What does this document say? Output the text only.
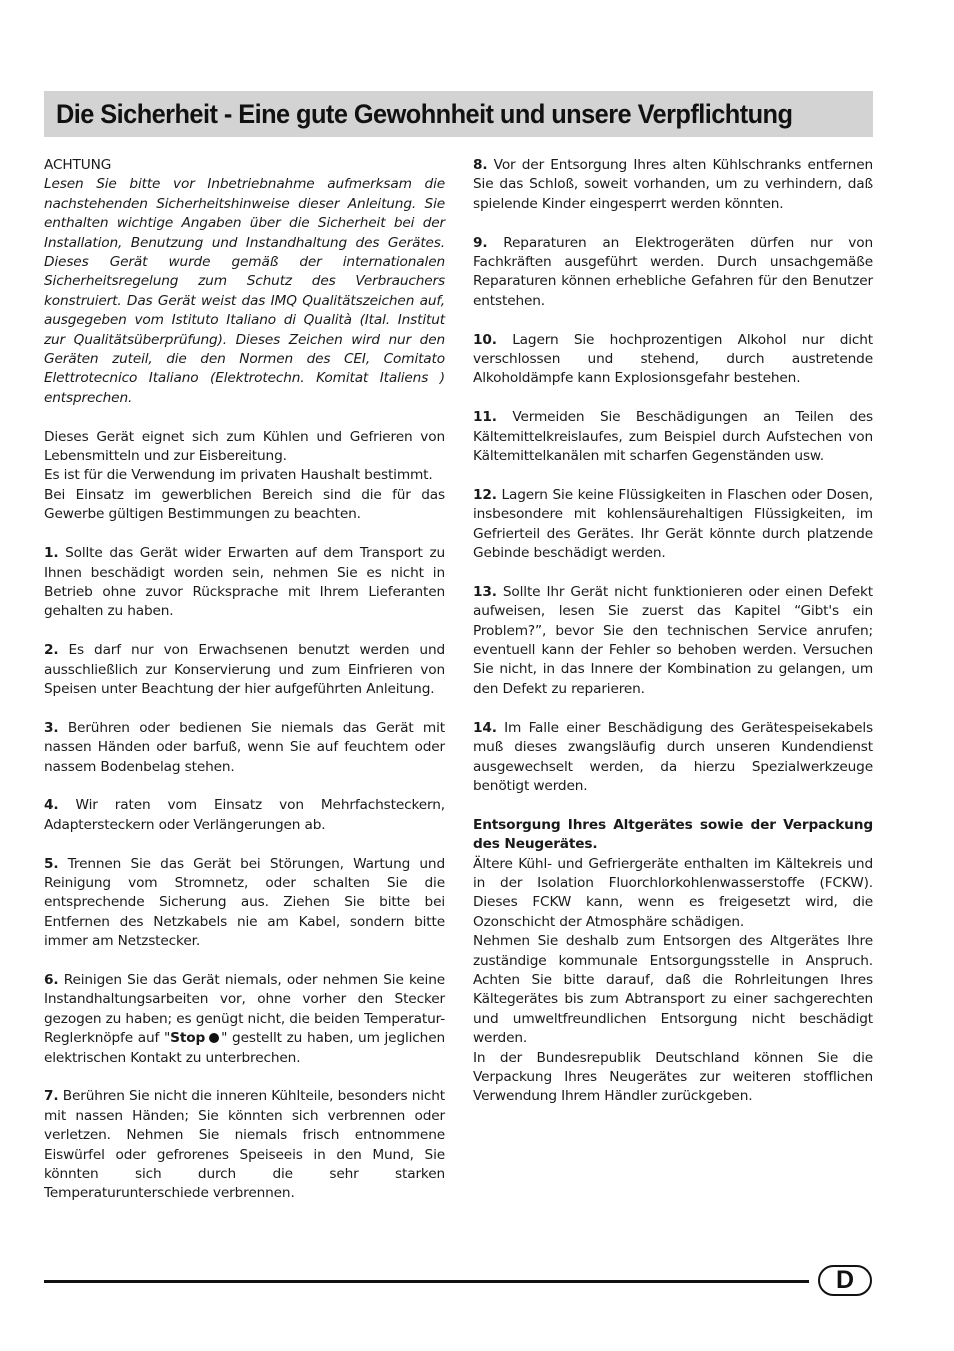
Die Sicherheit - Eine gute Gewohnheit und unsere Verpflichtung

ACHTUNG

Lesen Sie bitte vor Inbetriebnahme aufmerksam die nachstehenden Sicherheitshinweise dieser Anleitung. Sie enthalten wichtige Angaben über die Sicherheit bei der Installation, Benutzung und Instandhaltung des Gerätes. Dieses Gerät wurde gemäß der internationalen Sicherheitsregelung zum Schutz des Verbrauchers konstruiert. Das Gerät weist das IMQ Qualitätszeichen auf, ausgegeben vom Istituto Italiano di Qualità (Ital. Institut zur Qualitätsüberprüfung). Dieses Zeichen wird nur den Geräten zuteil, die den Normen des CEI, Comitato Elettrotecnico Italiano (Elektrotechn. Komitat Italiens ) entsprechen.

Dieses Gerät eignet sich zum Kühlen und Gefrieren von Lebensmitteln und zur Eisbereitung.
Es ist für die Verwendung im privaten Haushalt bestimmt.
Bei Einsatz im gewerblichen Bereich sind die für das Gewerbe gültigen Bestimmungen zu beachten.

1. Sollte das Gerät wider Erwarten auf dem Transport zu Ihnen beschädigt worden sein, nehmen Sie es nicht in Betrieb ohne zuvor Rücksprache mit Ihrem Lieferanten gehalten zu haben.

2. Es darf nur von Erwachsenen benutzt werden und ausschließlich zur Konservierung und zum Einfrieren von Speisen unter Beachtung der hier aufgeführten Anleitung.

3. Berühren oder bedienen Sie niemals das Gerät mit nassen Händen oder barfuß, wenn Sie auf feuchtem oder nassem Bodenbelag stehen.

4. Wir raten vom Einsatz von Mehrfachsteckern, Adaptersteckern oder Verlängerungen ab.

5. Trennen Sie das Gerät bei Störungen, Wartung und Reinigung vom Stromnetz, oder schalten Sie die entsprechende Sicherung aus. Ziehen Sie bitte bei Entfernen des Netzkabels nie am Kabel, sondern bitte immer am Netzstecker.

6. Reinigen Sie das Gerät niemals, oder nehmen Sie keine Instandhaltungsarbeiten vor, ohne vorher den Stecker gezogen zu haben; es genügt nicht, die beiden Temperatur-Reglerknöpfe auf "Stop " gestellt zu haben, um jeglichen elektrischen Kontakt zu unterbrechen.

7. Berühren Sie nicht die inneren Kühlteile, besonders nicht mit nassen Händen; Sie könnten sich verbrennen oder verletzen. Nehmen Sie niemals frisch entnommene Eiswürfel oder gefrorenes Speiseeis in den Mund, Sie könnten sich durch die sehr starken Temperaturunterschiede verbrennen.

8. Vor der Entsorgung Ihres alten Kühlschranks entfernen Sie das Schloß, soweit vorhanden, um zu verhindern, daß spielende Kinder eingesperrt werden könnten.

9. Reparaturen an Elektrogeräten dürfen nur von Fachkräften ausgeführt werden. Durch unsachgemäße Reparaturen können erhebliche Gefahren für den Benutzer entstehen.

10. Lagern Sie hochprozentigen Alkohol nur dicht verschlossen und stehend, durch austretende Alkoholdämpfe kann Explosionsgefahr bestehen.

11. Vermeiden Sie Beschädigungen an Teilen des Kältemittelkreislaufes, zum Beispiel durch Aufstechen von Kältemittelkanälen mit scharfen Gegenständen usw.

12. Lagern Sie keine Flüssigkeiten in Flaschen oder Dosen, insbesondere mit kohlensäurehaltigen Flüssigkeiten, im Gefrierteil des Gerätes. Ihr Gerät könnte durch platzende Gebinde beschädigt werden.

13. Sollte Ihr Gerät nicht funktionieren oder einen Defekt aufweisen, lesen Sie zuerst das Kapitel “Gibt's ein Problem?”, bevor Sie den technischen Service anrufen; eventuell kann der Fehler so behoben werden. Versuchen Sie nicht, in das Innere der Kombination zu gelangen, um den Defekt zu reparieren.

14. Im Falle einer Beschädigung des Gerätespeisekabels muß dieses zwangsläufig durch unseren Kundendienst ausgewechselt werden, da hierzu Spezialwerkzeuge benötigt werden.

Entsorgung Ihres Altgerätes sowie der Verpackung des Neugerätes.

Ältere Kühl- und Gefriergeräte enthalten im Kältekreis und in der Isolation Fluorchlorkohlenwasserstoffe (FCKW). Dieses FCKW kann, wenn es freigesetzt wird, die Ozonschicht der Atmosphäre schädigen.

Nehmen Sie deshalb zum Entsorgen des Altgerätes Ihre zuständige kommunale Entsorgungsstelle in Anspruch. Achten Sie bitte darauf, daß die Rohrleitungen Ihres Kältegerätes bis zum Abtransport zu einer sachgerechten und umweltfreundlichen Entsorgung nicht beschädigt werden.

In der Bundesrepublik Deutschland können Sie die Verpackung Ihres Neugerätes zur weiteren stofflichen Verwendung Ihrem Händler zurückgeben.

D
